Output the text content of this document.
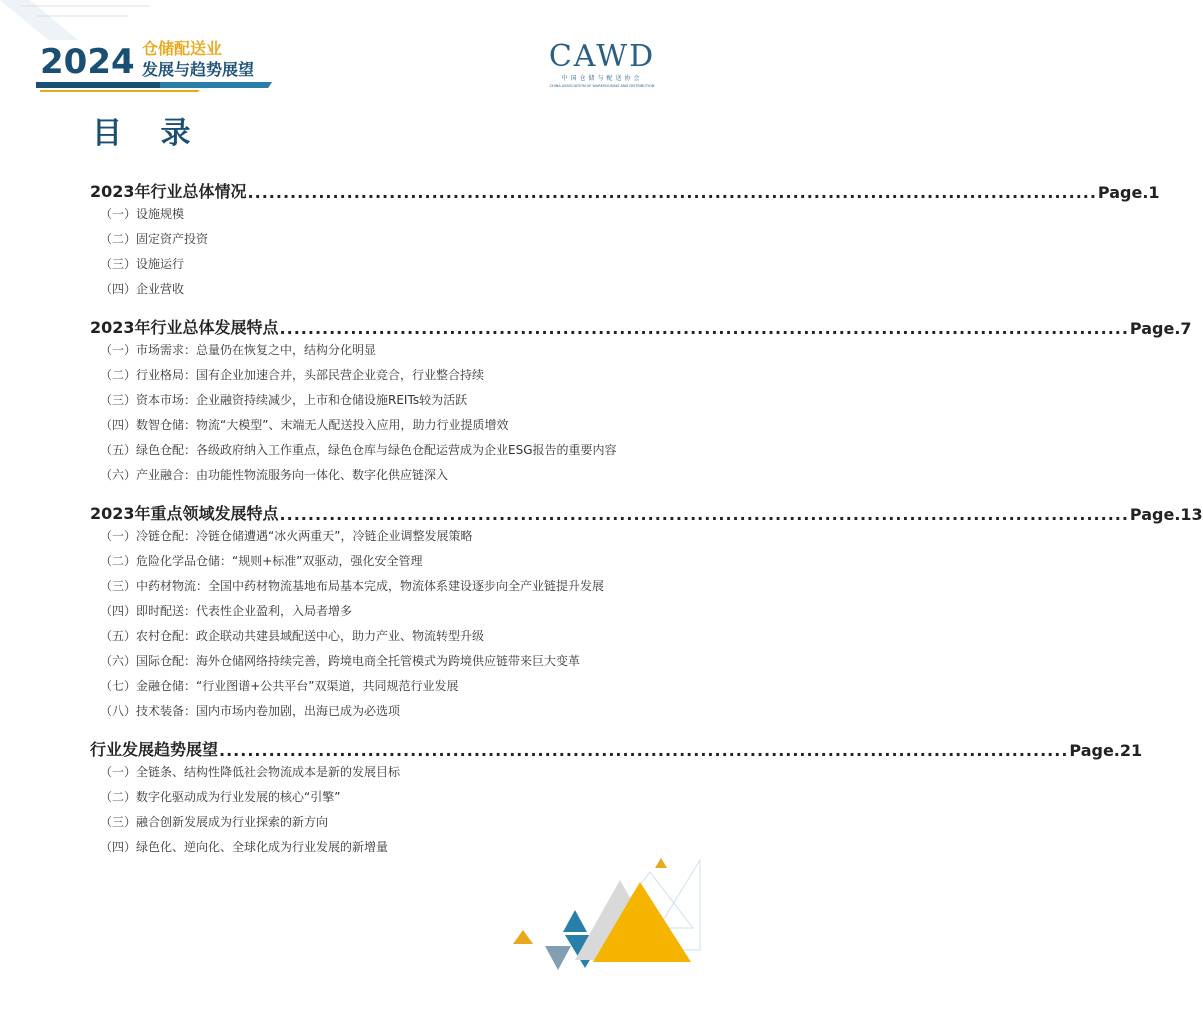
2024 仓储配送业
发展与趋势展望	CAWD
中国仓储与配送协会
CHINA ASSOCIATION OF WAREHOUSING AND DISTRIBUTION
目 录
2023年行业总体情况 ........................................................................................................................ Page.1
（一）设施规模
（二）固定资产投资
（三）设施运行
（四）企业营收
2023年行业总体发展特点 ........................................................................................................................ Page.7
（一）市场需求：总量仍在恢复之中，结构分化明显
（二）行业格局：国有企业加速合并，头部民营企业竞合，行业整合持续
（三）资本市场：企业融资持续减少，上市和仓储设施REITs较为活跃
（四）数智仓储：物流“大模型”、末端无人配送投入应用，助力行业提质增效
（五）绿色仓配：各级政府纳入工作重点，绿色仓库与绿色仓配运营成为企业ESG报告的重要内容
（六）产业融合：由功能性物流服务向一体化、数字化供应链深入
2023年重点领域发展特点 ........................................................................................................................ Page.13
（一）冷链仓配：冷链仓储遭遇“冰火两重天”，冷链企业调整发展策略
（二）危险化学品仓储：“规则+标准”双驱动，强化安全管理
（三）中药材物流：全国中药材物流基地布局基本完成，物流体系建设逐步向全产业链提升发展
（四）即时配送：代表性企业盈利，入局者增多
（五）农村仓配：政企联动共建县域配送中心，助力产业、物流转型升级
（六）国际仓配：海外仓储网络持续完善，跨境电商全托管模式为跨境供应链带来巨大变革
（七）金融仓储：“行业图谱+公共平台”双渠道，共同规范行业发展
（八）技术装备：国内市场内卷加剧，出海已成为必选项
行业发展趋势展望 ........................................................................................................................ Page.21
（一）全链条、结构性降低社会物流成本是新的发展目标
（二）数字化驱动成为行业发展的核心“引擎”
（三）融合创新发展成为行业探索的新方向
（四）绿色化、逆向化、全球化成为行业发展的新增量
